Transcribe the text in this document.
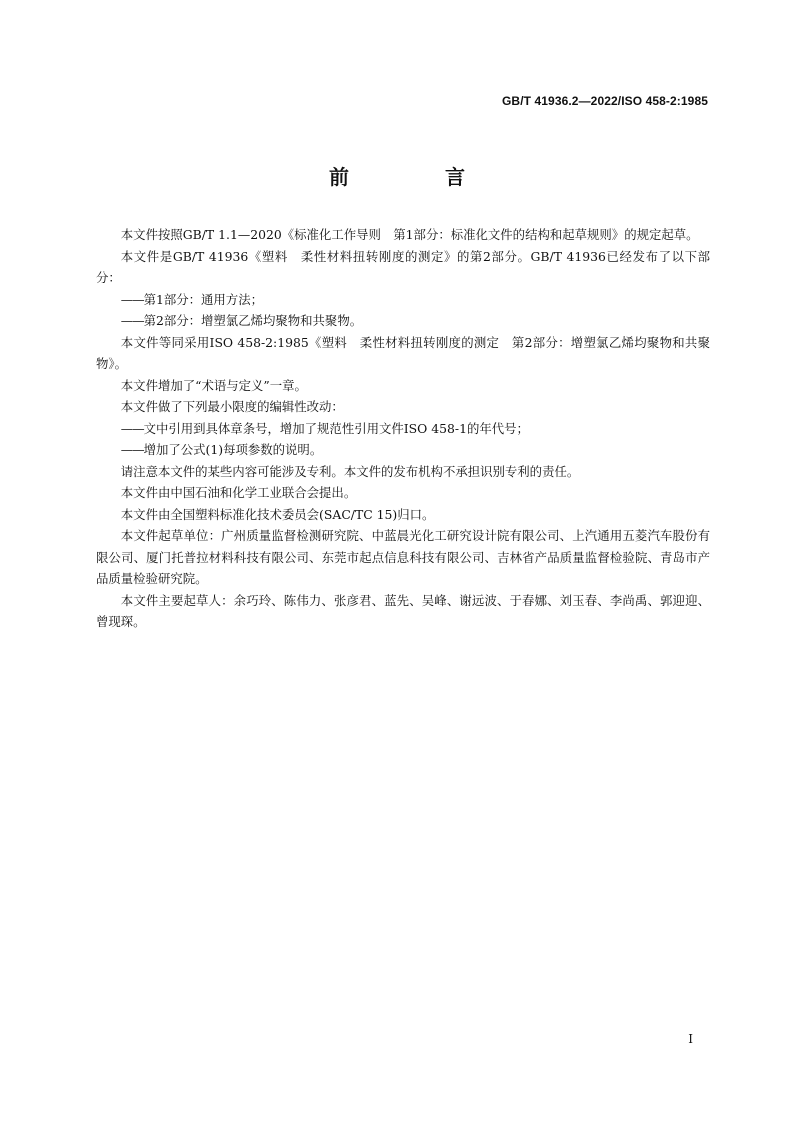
GB/T 41936.2—2022/ISO 458-2:1985
前　言

本文件按照GB/T 1.1—2020《标准化工作导则　第1部分：标准化文件的结构和起草规则》的规定起草。

本文件是GB/T 41936《塑料　柔性材料扭转刚度的测定》的第2部分。GB/T 41936已经发布了以下部分：

—— 第1部分：通用方法；
—— 第2部分：增塑氯乙烯均聚物和共聚物。

本文件等同采用ISO 458-2:1985《塑料　柔性材料扭转刚度的测定　第2部分：增塑氯乙烯均聚物和共聚物》。

本文件增加了“术语与定义”一章。

本文件做了下列最小限度的编辑性改动：

—— 文中引用到具体章条号，增加了规范性引用文件ISO 458-1的年代号；
—— 增加了公式(1)每项参数的说明。

请注意本文件的某些内容可能涉及专利。本文件的发布机构不承担识别专利的责任。

本文件由中国石油和化学工业联合会提出。

本文件由全国塑料标准化技术委员会(SAC/TC 15)归口。

本文件起草单位：广州质量监督检测研究院、中蓝晨光化工研究设计院有限公司、上汽通用五菱汽车股份有限公司、厦门托普拉材料科技有限公司、东莞市起点信息科技有限公司、吉林省产品质量监督检验院、青岛市产品质量检验研究院。

本文件主要起草人：余巧玲、陈伟力、张彦君、蓝先、吴峰、谢远波、于春娜、刘玉春、李尚禹、郭迎迎、曾现琛。

I
